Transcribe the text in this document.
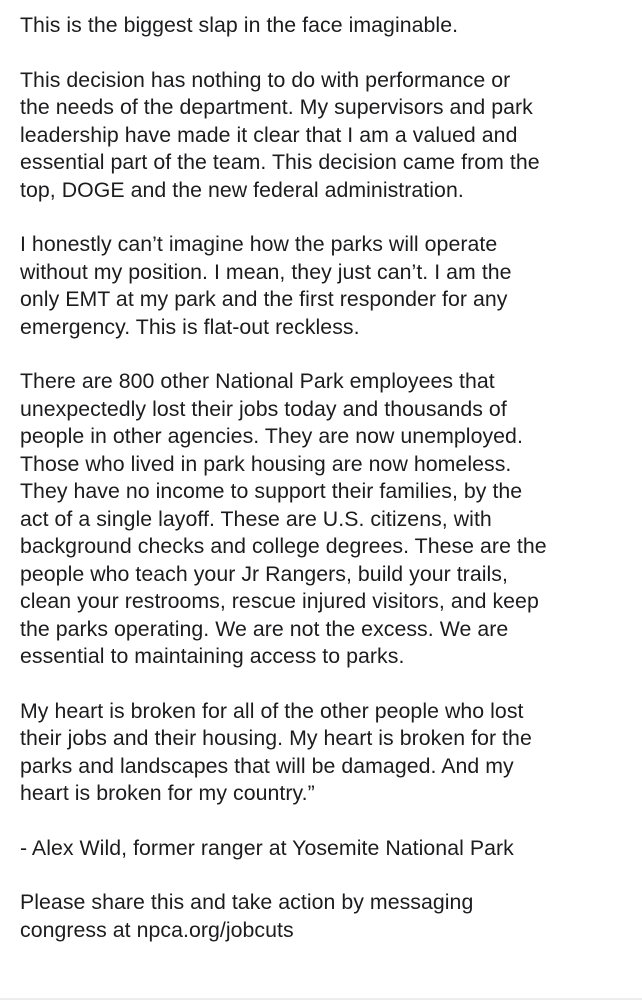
This is the biggest slap in the face imaginable.

This decision has nothing to do with performance or
the needs of the department. My supervisors and park
leadership have made it clear that I am a valued and
essential part of the team. This decision came from the
top, DOGE and the new federal administration.

I honestly can’t imagine how the parks will operate
without my position. I mean, they just can’t. I am the
only EMT at my park and the first responder for any
emergency. This is flat-out reckless.

There are 800 other National Park employees that
unexpectedly lost their jobs today and thousands of
people in other agencies. They are now unemployed.
Those who lived in park housing are now homeless.
They have no income to support their families, by the
act of a single layoff. These are U.S. citizens, with
background checks and college degrees. These are the
people who teach your Jr Rangers, build your trails,
clean your restrooms, rescue injured visitors, and keep
the parks operating. We are not the excess. We are
essential to maintaining access to parks.

My heart is broken for all of the other people who lost
their jobs and their housing. My heart is broken for the
parks and landscapes that will be damaged. And my
heart is broken for my country.”

- Alex Wild, former ranger at Yosemite National Park

Please share this and take action by messaging
congress at npca.org/jobcuts
